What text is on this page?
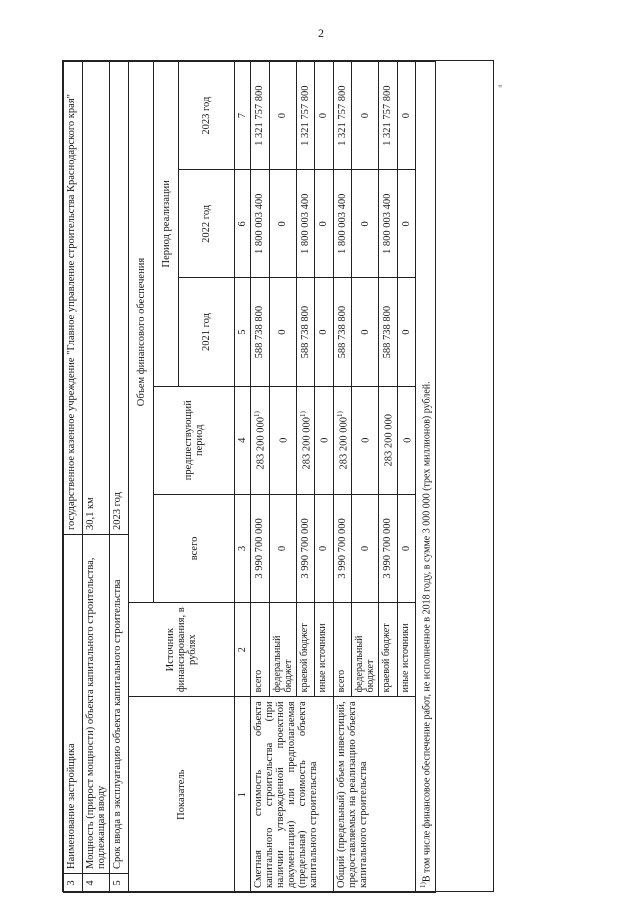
2
"
3	Наименование застройщика	государственное казенное учреждение "Главное управление строительства Краснодарского края"
4	Мощность (прирост мощности) объекта капитального строительства, подлежащая вводу	30,1 км
5	Срок ввода в эксплуатацию объекта капитального строительства	2023 год
Показатель	Источник финансирования, в рублях	Объем финансового обеспечения				
		всего	предшествующий период	Период реализации		
				2021 год	2022 год	2023 год
1	2	3	4	5	6	7
Сметная стоимость объекта капитального строительства (при наличии утвержденной проектной документации) или предполагаемая (предельная) стоимость объекта капитального строительства	всего	3 990 700 000	283 200 000$^{1)}$	588 738 800	1 800 003 400	1 321 757 800
	федеральный бюджет	0	0	0	0	0
	краевой бюджет	3 990 700 000	283 200 000$^{1)}$	588 738 800	1 800 003 400	1 321 757 800
	иные источники	0	0	0	0	0
Общий (предельный) объем инвестиций, предоставляемых на реализацию объекта капитального строительства	всего	3 990 700 000	283 200 000$^{1)}$	588 738 800	1 800 003 400	1 321 757 800
	федеральный бюджет	0	0	0	0	0
	краевой бюджет	3 990 700 000	283 200 000	588 738 800	1 800 003 400	1 321 757 800
	иные источники	0	0	0	0	0
$^{1)}$В том числе финансовое обеспечение работ, не исполненное в 2018 году, в сумме 3 000 000 (трех миллионов) рублей.						
